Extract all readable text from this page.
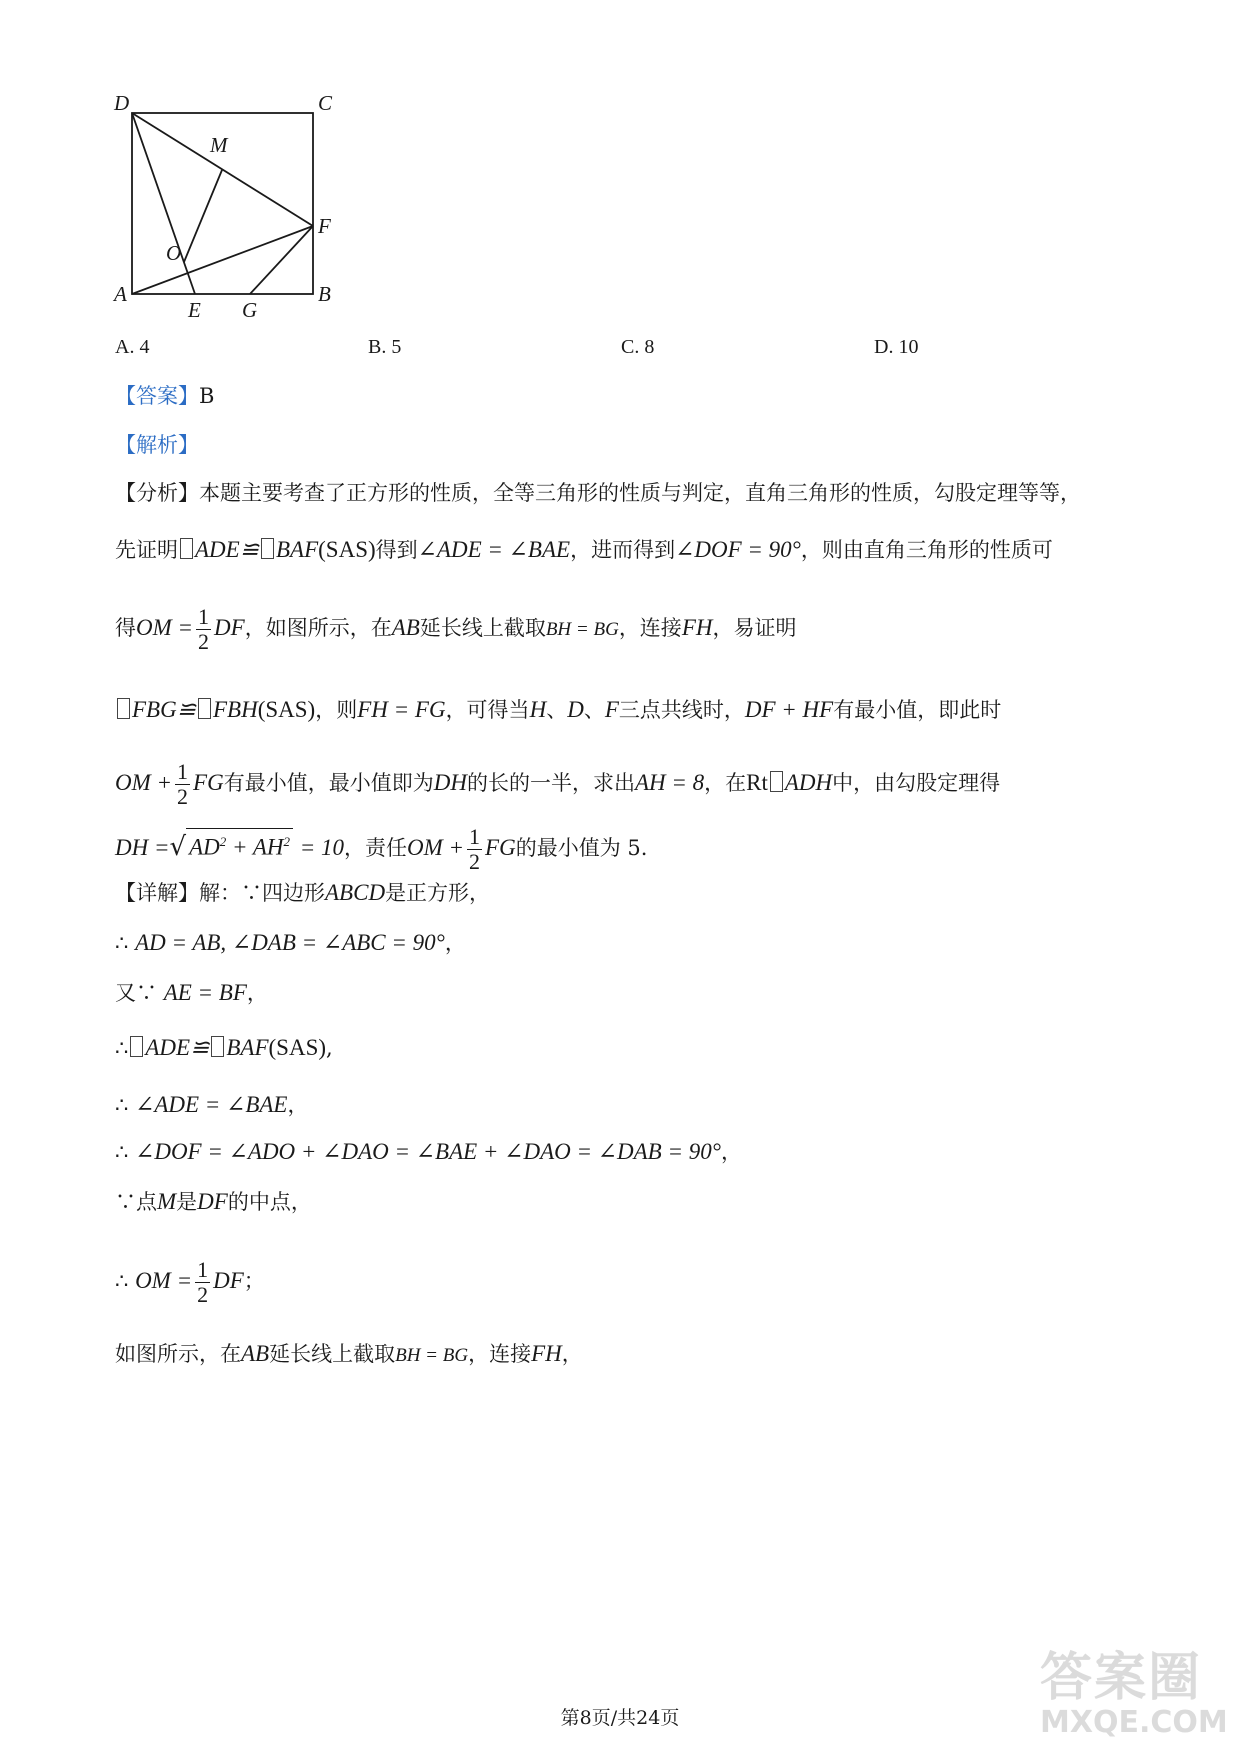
D	C
M
F
O
A
E G
B
A. 4	B. 5	C. 8	D. 10
【答案】B
【解析】
【分析】本题主要考查了正方形的性质，全等三角形的性质与判定，直角三角形的性质，勾股定理等等，
先证明 ADE≌ BAF(SAS)得到∠ADE = ∠BAE，进而得到∠DOF = 90°，则由直角三角形的性质可
得OM = $\frac{1}{2}$ DF，如图所示，在AB延长线上截取BH = BG，连接FH，易证明
FBG≌ FBH(SAS)，则FH = FG，可得当H、D、F三点共线时，DF + HF有最小值，即此时
OM + $\frac{1}{2}$ FG有最小值，最小值即为DH的长的一半，求出AH = 8，在Rt ADH中，由勾股定理得
DH =√ $AD^2 + AH^2 = 10$，责任OM + $\frac{1}{2}$ FG的最小值为 5.
【详解】解：∵四边形ABCD是正方形，
∴ AD = AB, ∠DAB = ∠ABC = 90°，
又∵ AE = BF，
∴ ADE≌ BAF(SAS),
∴ ∠ADE = ∠BAE，
∴ ∠DOF = ∠ADO + ∠DAO = ∠BAE + ∠DAO = ∠DAB = 90°，
∵点M是DF的中点，
∴ OM = $\frac{1}{2}$ DF；
如图所示，在AB延长线上截取BH = BG，连接FH，
第8页/共24页
答案圈
MXQE.COM
